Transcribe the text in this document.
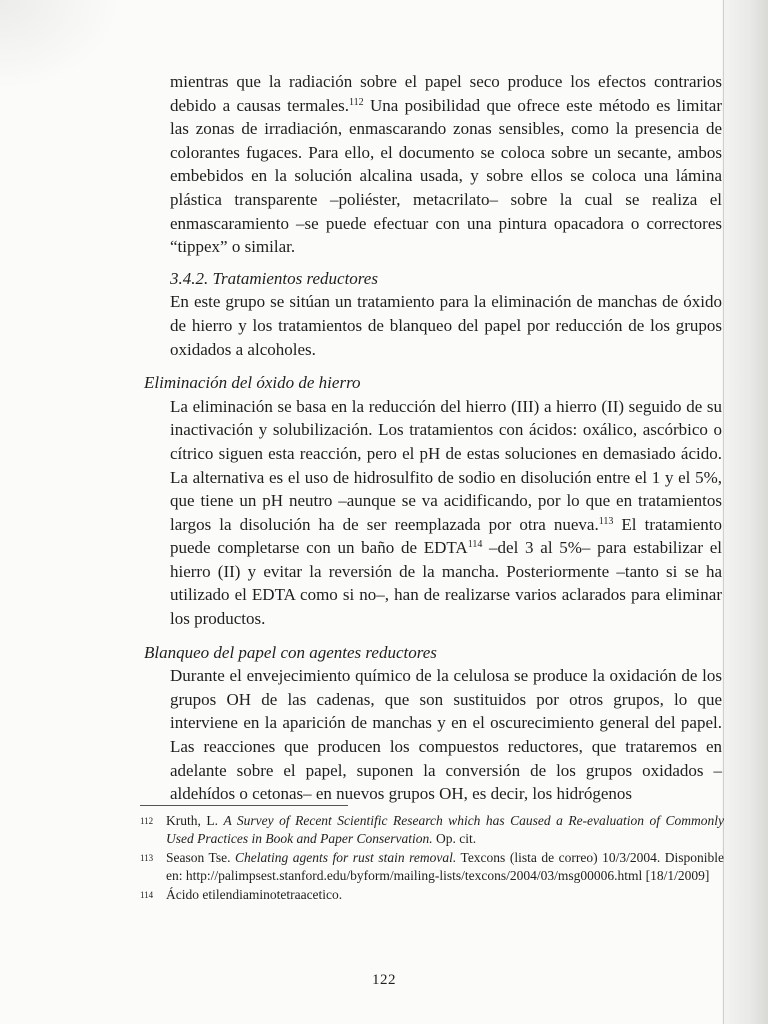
mientras que la radiación sobre el papel seco produce los efectos contrarios debido a causas termales.$^{112}$ Una posibilidad que ofrece este método es limitar las zonas de irradiación, enmascarando zonas sensibles, como la presencia de colorantes fugaces. Para ello, el documento se coloca sobre un secante, ambos embebidos en la solución alcalina usada, y sobre ellos se coloca una lámina plástica transparente –poliéster, metacrilato– sobre la cual se realiza el enmascaramiento –se puede efectuar con una pintura opacadora o correctores “tippex” o similar.

3.4.2. Tratamientos reductores

En este grupo se sitúan un tratamiento para la eliminación de manchas de óxido de hierro y los tratamientos de blanqueo del papel por reducción de los grupos oxidados a alcoholes.

Eliminación del óxido de hierro

La eliminación se basa en la reducción del hierro (III) a hierro (II) seguido de su inactivación y solubilización. Los tratamientos con ácidos: oxálico, ascórbico o cítrico siguen esta reacción, pero el pH de estas soluciones en demasiado ácido. La alternativa es el uso de hidrosulfito de sodio en disolución entre el 1 y el 5%, que tiene un pH neutro –aunque se va acidificando, por lo que en tratamientos largos la disolución ha de ser reemplazada por otra nueva.$^{113}$ El tratamiento puede completarse con un baño de EDTA$^{114}$ –del 3 al 5%– para estabilizar el hierro (II) y evitar la reversión de la mancha. Posteriormente –tanto si se ha utilizado el EDTA como si no–, han de realizarse varios aclarados para eliminar los productos.

Blanqueo del papel con agentes reductores

Durante el envejecimiento químico de la celulosa se produce la oxidación de los grupos OH de las cadenas, que son sustituidos por otros grupos, lo que interviene en la aparición de manchas y en el oscurecimiento general del papel. Las reacciones que producen los compuestos reductores, que trataremos en adelante sobre el papel, suponen la conversión de los grupos oxidados –aldehídos o cetonas– en nuevos grupos OH, es decir, los hidrógenos

112 Kruth, L. A Survey of Recent Scientific Research which has Caused a Re-evaluation of Commonly Used Practices in Book and Paper Conservation. Op. cit.
113 Season Tse. Chelating agents for rust stain removal. Texcons (lista de correo) 10/3/2004. Disponible en: http://palimpsest.stanford.edu/byform/mailing-lists/texcons/2004/03/msg00006.html [18/1/2009]
114 Ácido etilendiaminotetraacetico.
122
